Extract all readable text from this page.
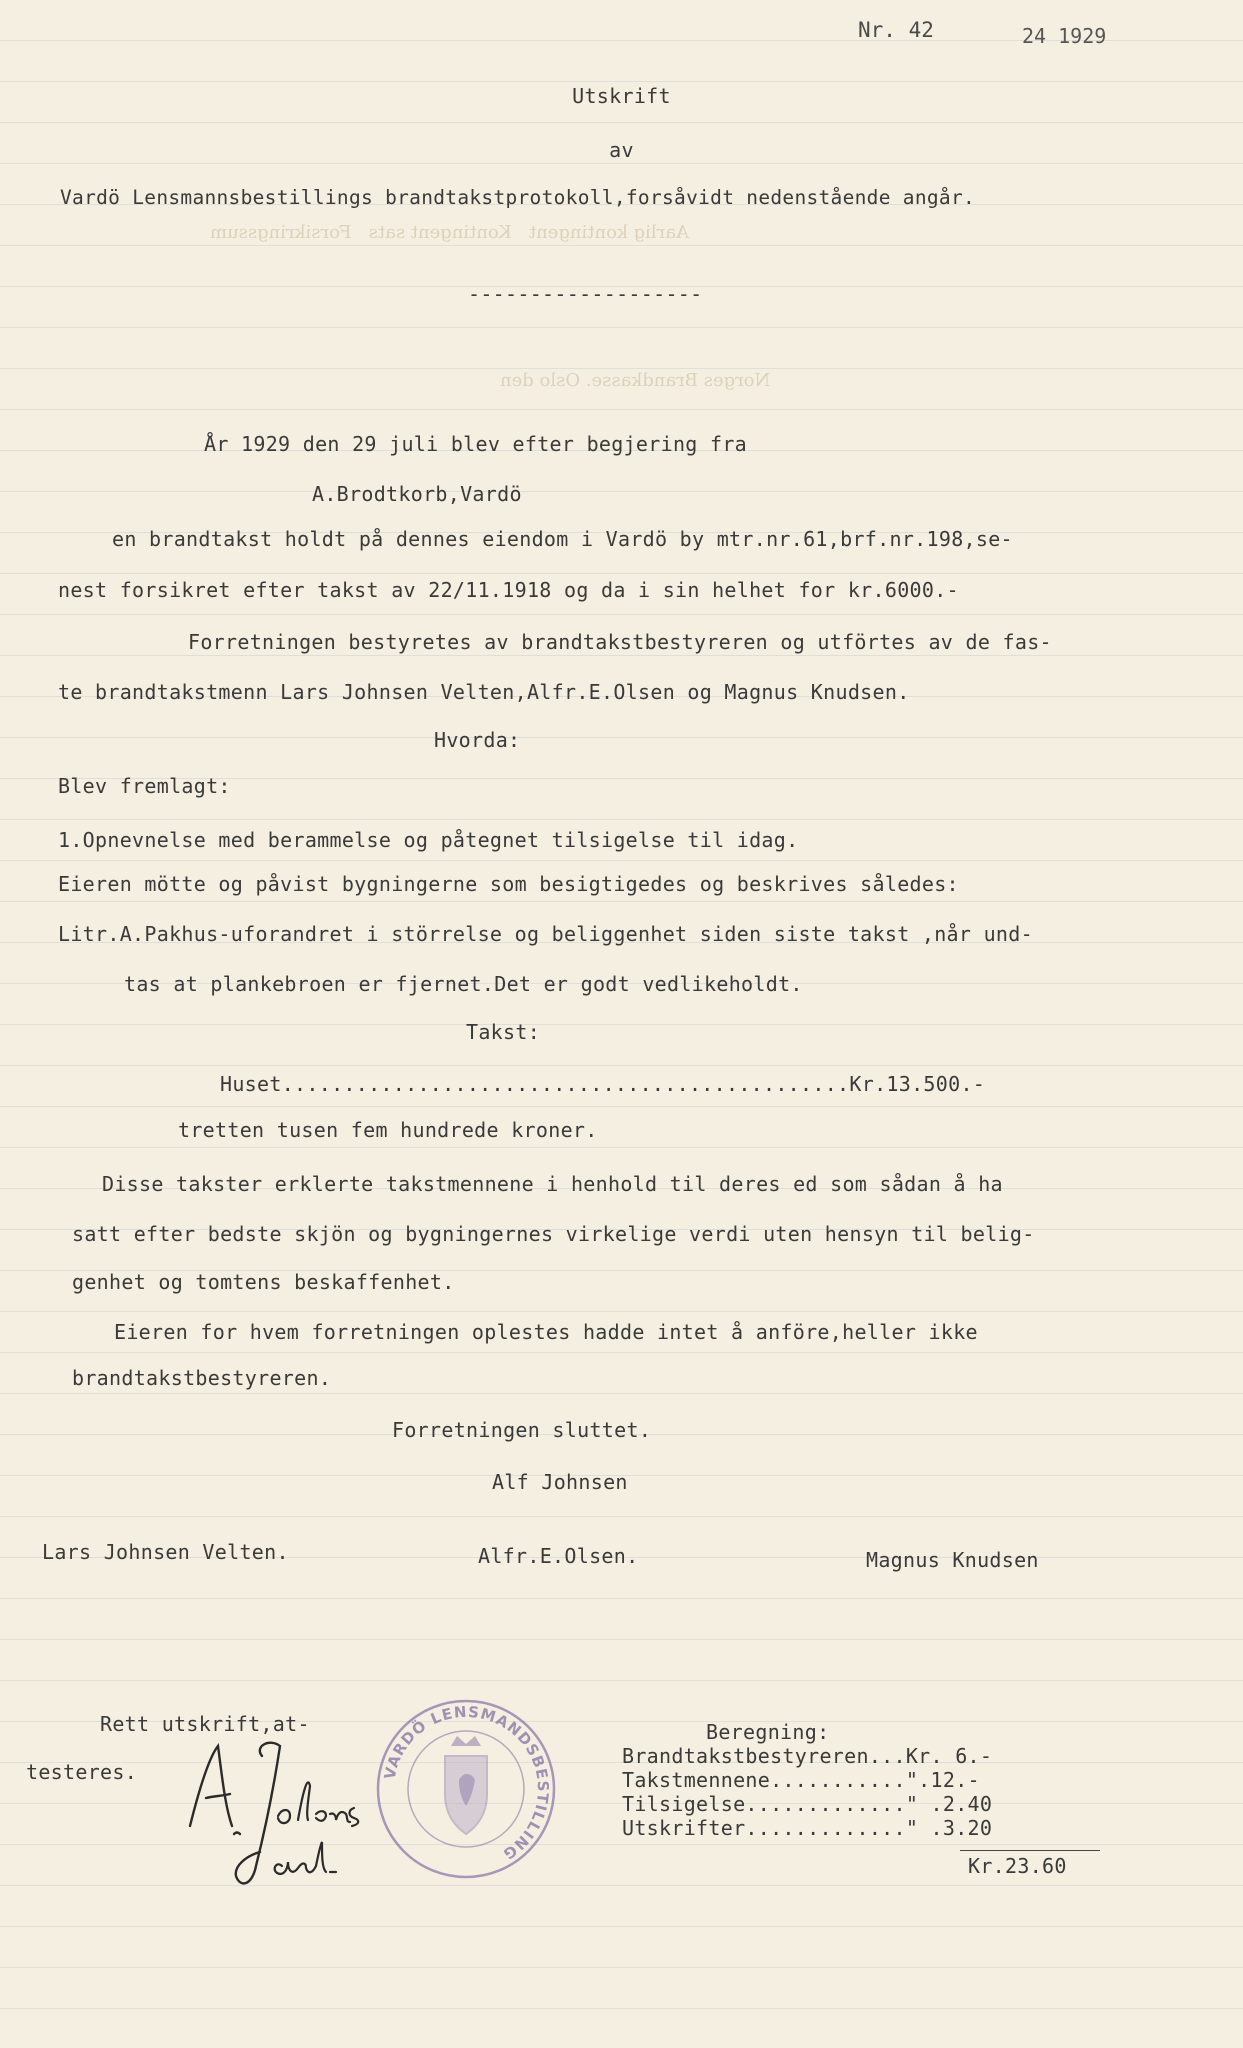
Nr. 42	24 1929
Utskrift
av
Vardö Lensmannsbestillings brandtakstprotokoll,forsåvidt nedenstående angår.
Aarlig kontingent   Kontingent sats   Forsikringssum
Norges Brandkasse. Oslo den
-------------------
År 1929 den 29 juli blev efter begjering fra
A.Brodtkorb,Vardö
en brandtakst holdt på dennes eiendom i Vardö by mtr.nr.61,brf.nr.198,se-
nest forsikret efter takst av 22/11.1918 og da i sin helhet for kr.6000.-
Forretningen bestyretes av brandtakstbestyreren og utförtes av de fas-
te brandtakstmenn Lars Johnsen Velten,Alfr.E.Olsen og Magnus Knudsen.
Hvorda:
Blev fremlagt:
1.Opnevnelse med berammelse og påtegnet tilsigelse til idag.
Eieren mötte og påvist bygningerne som besigtigedes og beskrives således:
Litr.A.Pakhus-uforandret i störrelse og beliggenhet siden siste takst ,når und-
tas at plankebroen er fjernet.Det er godt vedlikeholdt.
Takst:
Huset..............................................Kr.13.500.-
tretten tusen fem hundrede kroner.
Disse takster erklerte takstmennene i henhold til deres ed som sådan å ha
satt efter bedste skjön og bygningernes virkelige verdi uten hensyn til belig-
genhet og tomtens beskaffenhet.
Eieren for hvem forretningen oplestes hadde intet å anföre,heller ikke
brandtakstbestyreren.
Forretningen sluttet.
Alf Johnsen
Lars Johnsen Velten.	Alfr.E.Olsen.	Magnus Knudsen
Rett utskrift,at-
testeres.	VARDÖ LENSMANDSBESTILLING
Beregning:
Brandtakstbestyreren...Kr. 6.-
Takstmennene...........".12.-
Tilsigelse............." .2.40
Utskrifter............." .3.20
Kr.23.60
